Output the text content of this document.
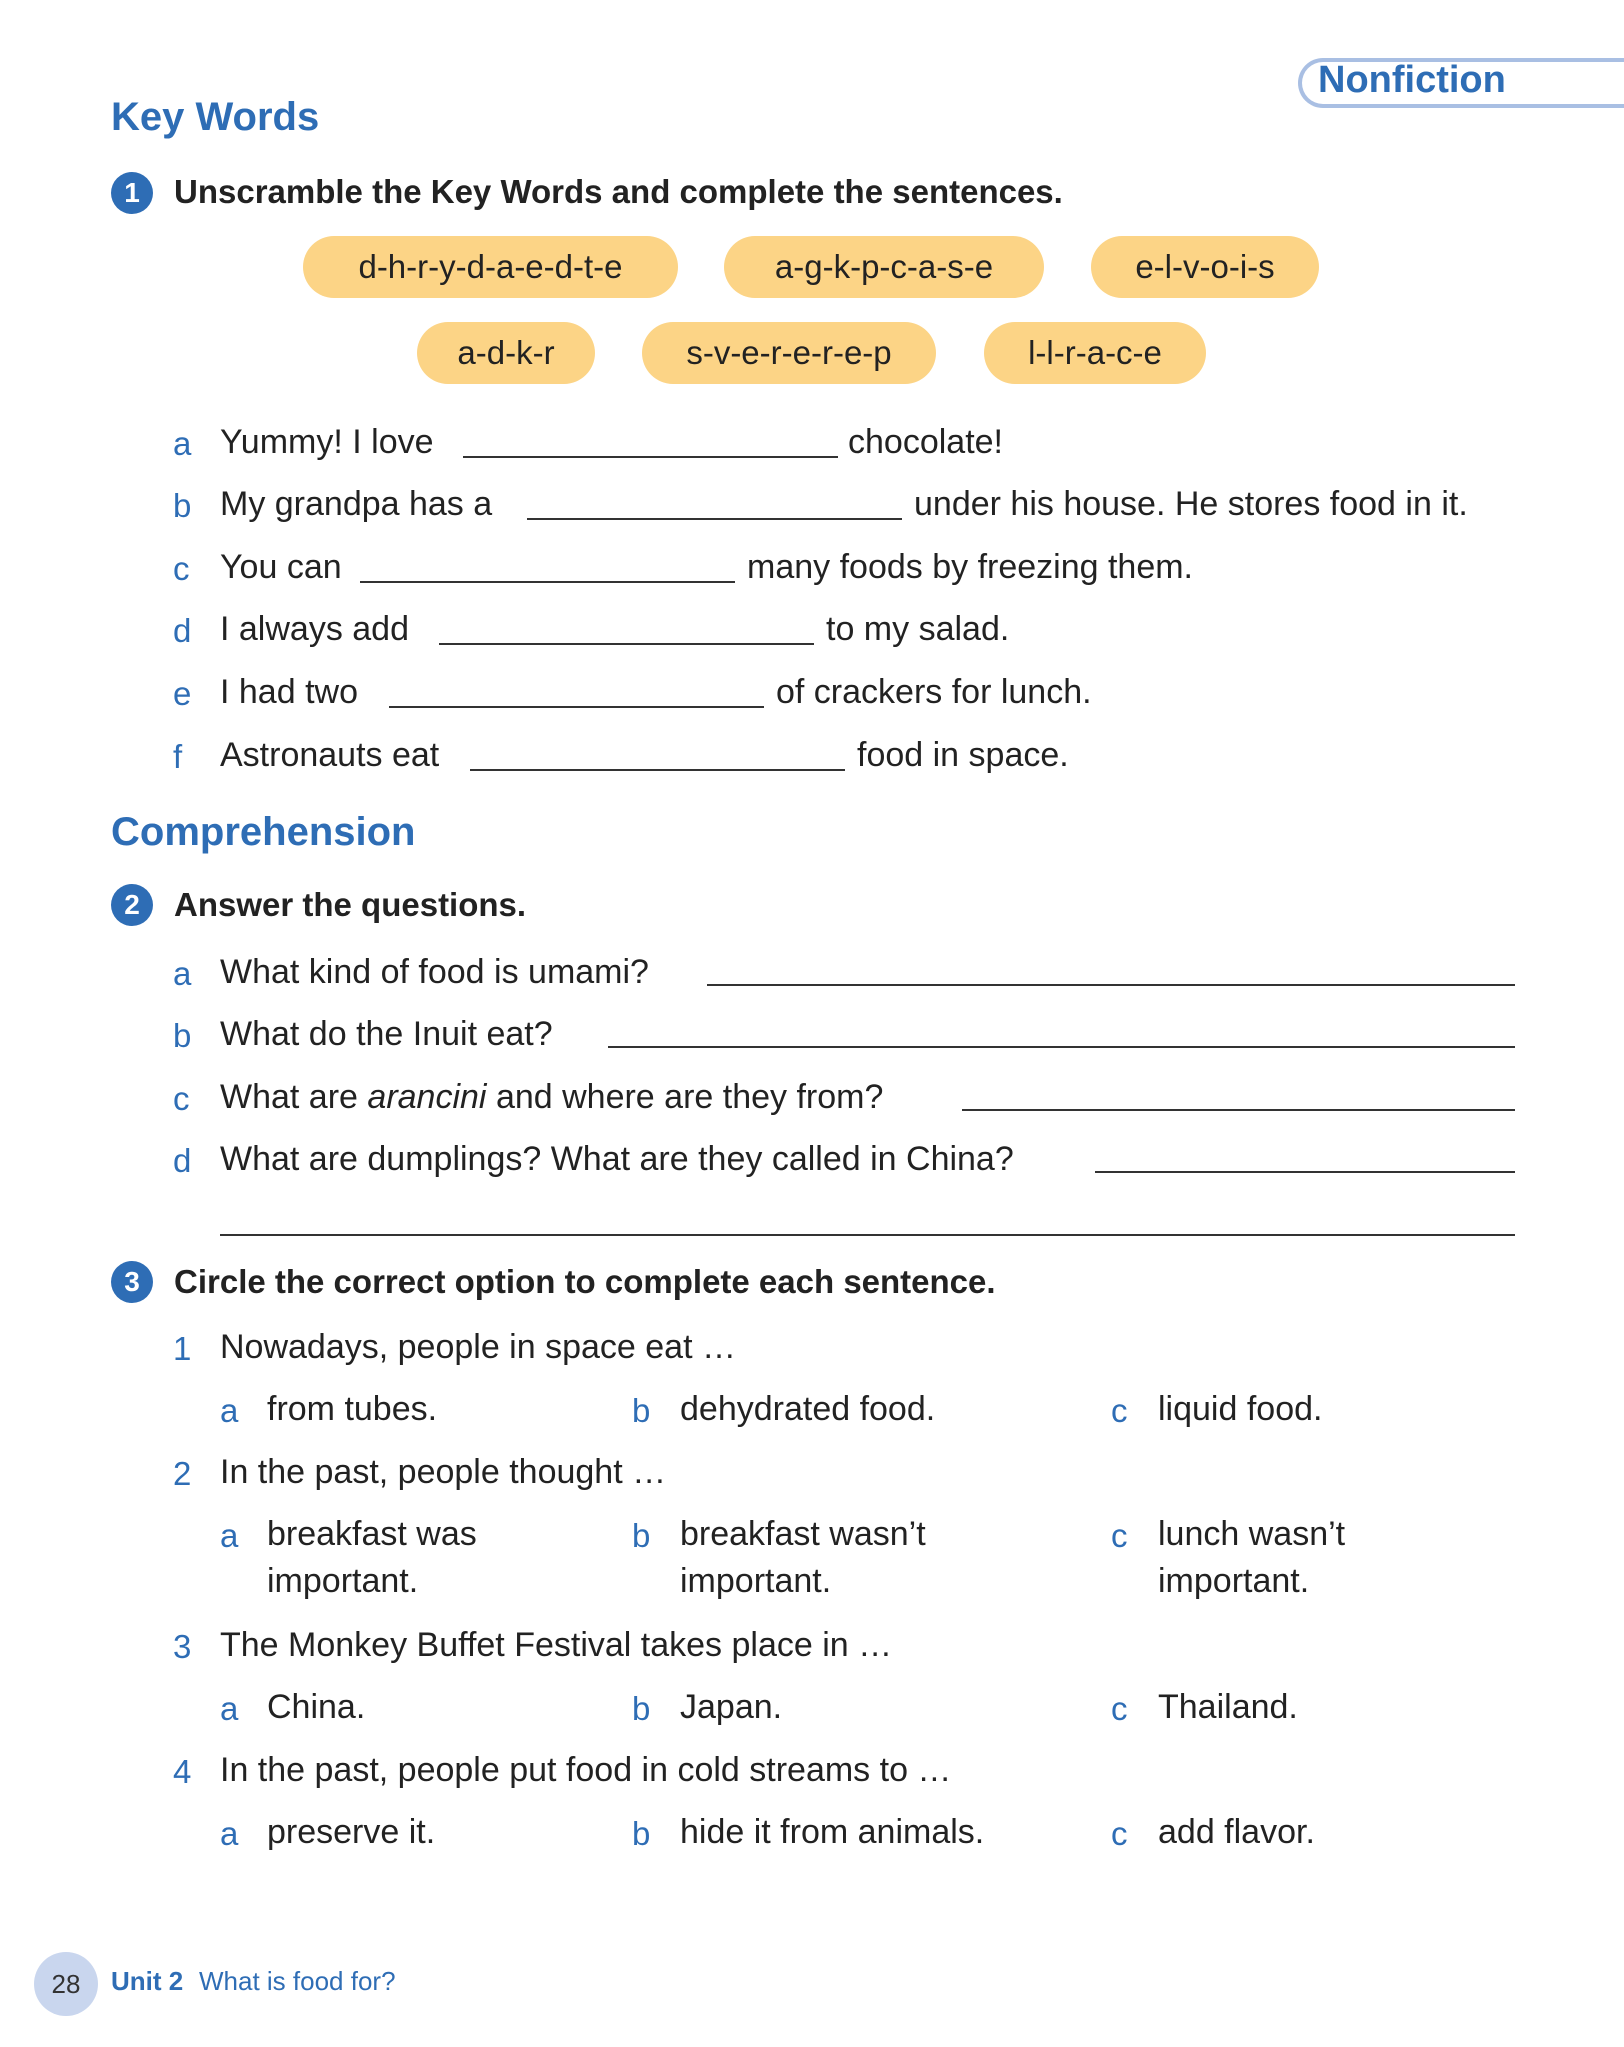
Nonfiction
Key Words
1	Unscramble the Key Words and complete the sentences.
d-h-r-y-d-a-e-d-t-e	a-g-k-p-c-a-s-e	e-l-v-o-i-s
a-d-k-r	s-v-e-r-e-r-e-p	l-l-r-a-c-e
a Yummy! I love	chocolate!
b My grandpa has a	under his house. He stores food in it.
c You can	many foods by freezing them.
d I always add	to my salad.
e I had two	of crackers for lunch.
f Astronauts eat	food in space.
Comprehension
2	Answer the questions.
a What kind of food is umami?
b What do the Inuit eat?
c What are arancini and where are they from?
d What are dumplings? What are they called in China?
3	Circle the correct option to complete each sentence.
1 Nowadays, people in space eat …
a from tubes.	b dehydrated food.	c liquid food.
2 In the past, people thought …
a breakfast was
important.
b breakfast wasn’t
important.
c lunch wasn’t
important.
3 The Monkey Buffet Festival takes place in …
a China.	b Japan.	c Thailand.
4 In the past, people put food in cold streams to …
a preserve it.	b hide it from animals.	c add flavor.
28	Unit 2 What is food for?
